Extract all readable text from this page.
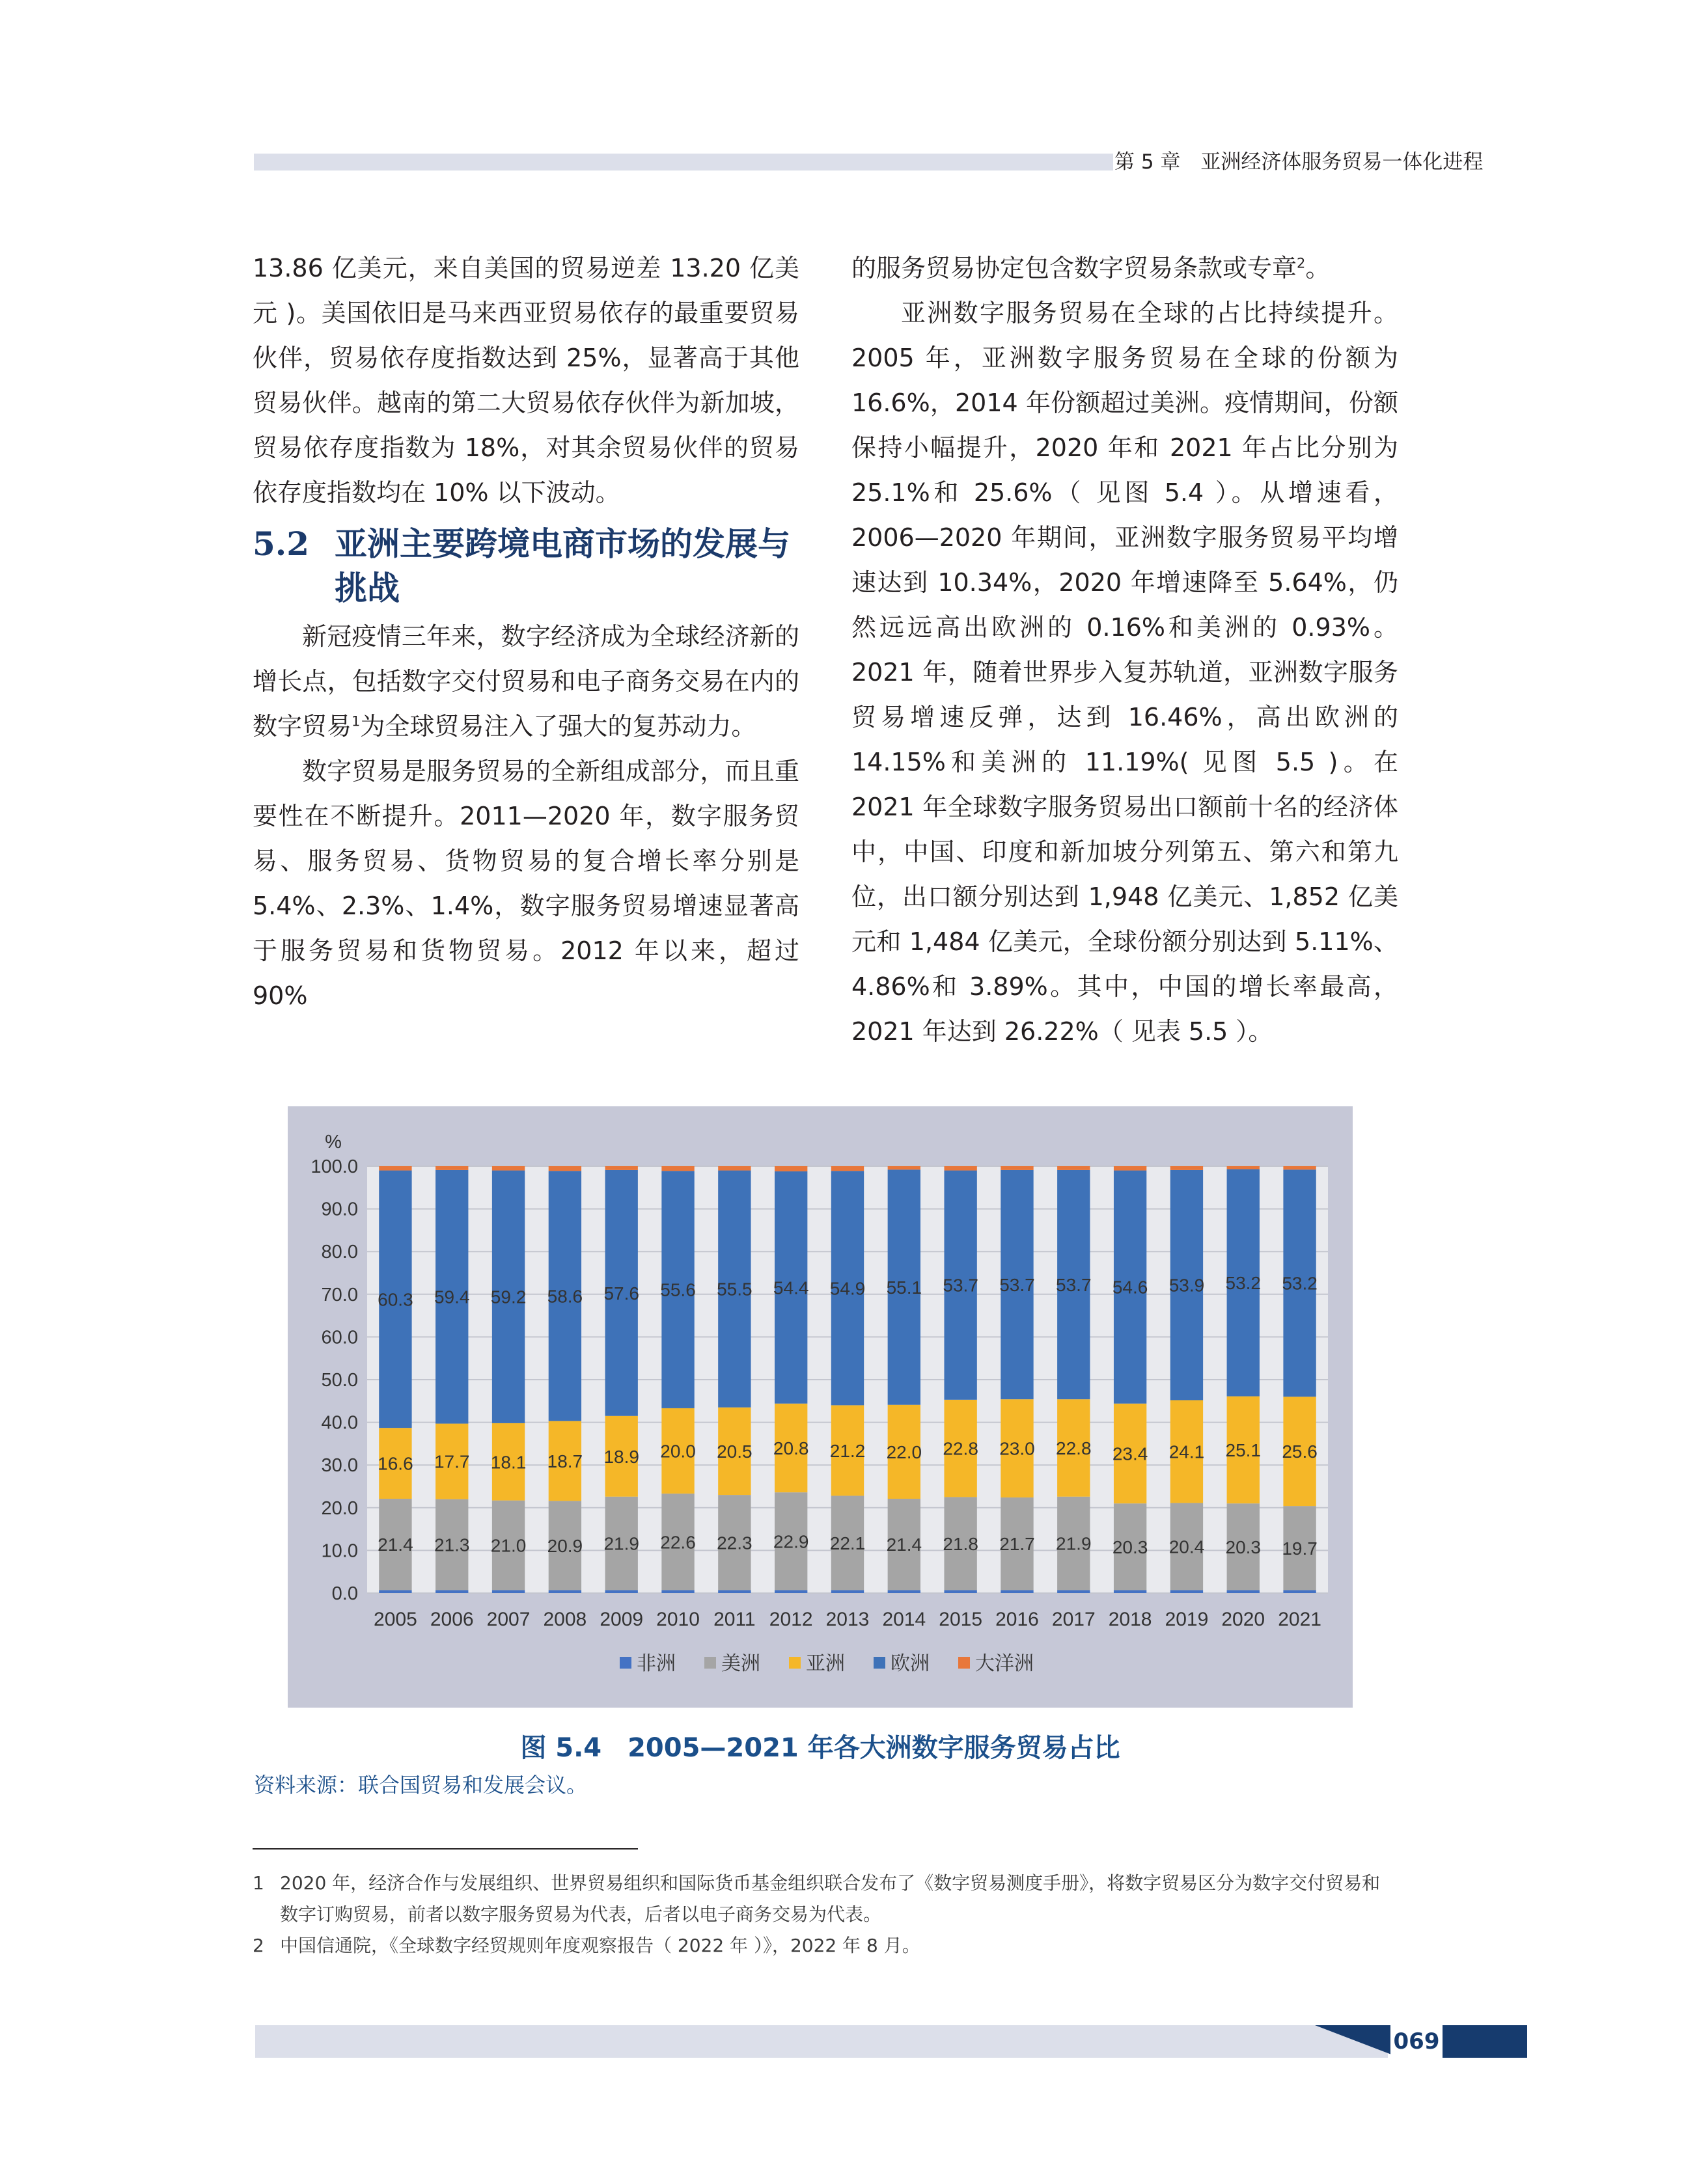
第 5 章　亚洲经济体服务贸易一体化进程

13.86 亿美元，来自美国的贸易逆差 13.20 亿美元 )。美国依旧是马来西亚贸易依存的最重要贸易伙伴，贸易依存度指数达到 25%，显著高于其他贸易伙伴。越南的第二大贸易依存伙伴为新加坡，贸易依存度指数为 18%，对其余贸易伙伴的贸易依存度指数均在 10% 以下波动。

5.2 亚洲主要跨境电商市场的发展与挑战

新冠疫情三年来，数字经济成为全球经济新的增长点，包括数字交付贸易和电子商务交易在内的数字贸易$^1$为全球贸易注入了强大的复苏动力。

数字贸易是服务贸易的全新组成部分，而且重要性在不断提升。2011—2020 年，数字服务贸易、服务贸易、货物贸易的复合增长率分别是 5.4%、2.3%、1.4%，数字服务贸易增速显著高于服务贸易和货物贸易。2012 年以来，超过 90%

的服务贸易协定包含数字贸易条款或专章$^2$。

亚洲数字服务贸易在全球的占比持续提升。2005 年，亚洲数字服务贸易在全球的份额为 16.6%，2014 年份额超过美洲。疫情期间，份额保持小幅提升，2020 年和 2021 年占比分别为 25.1%和 25.6%（ 见图 5.4 ）。从增速看，2006—2020 年期间，亚洲数字服务贸易平均增速达到 10.34%，2020 年增速降至 5.64%，仍然远远高出欧洲的 0.16%和美洲的 0.93%。2021 年，随着世界步入复苏轨道，亚洲数字服务贸易增速反弹，达到 16.46%，高出欧洲的 14.15%和美洲的 11.19%( 见图 5.5 )。在 2021 年全球数字服务贸易出口额前十名的经济体中，中国、印度和新加坡分列第五、第六和第九位，出口额分别达到 1,948 亿美元、1,852 亿美元和 1,484 亿美元，全球份额分别达到 5.11%、4.86%和 3.89%。其中，中国的增长率最高，2021 年达到 26.22%（ 见表 5.5 ）。

0.0
10.0
20.0
30.0
40.0
50.0
60.0
70.0
80.0
90.0
100.0
%
21.4
16.6
60.3
2005
21.3
17.7
59.4
2006
21.0
18.1
59.2
2007
20.9
18.7
58.6
2008
21.9
18.9
57.6
2009
22.6
20.0
55.6
2010
22.3
20.5
55.5
2011
22.9
20.8
54.4
2012
22.1
21.2
54.9
2013
21.4
22.0
55.1
2014
21.8
22.8
53.7
2015
21.7
23.0
53.7
2016
21.9
22.8
53.7
2017
20.3
23.4
54.6
2018
20.4
24.1
53.9
2019
20.3
25.1
53.2
2020
19.7
25.6
53.2
2021
非洲 美洲 亚洲 欧洲 大洋洲
图 5.4　2005—2021 年各大洲数字服务贸易占比
资料来源：联合国贸易和发展会议。
1 2020 年，经济合作与发展组织、世界贸易组织和国际货币基金组织联合发布了《数字贸易测度手册》，将数字贸易区分为数字交付贸易和数字订购贸易，前者以数字服务贸易为代表，后者以电子商务交易为代表。
2 中国信通院，《全球数字经贸规则年度观察报告（ 2022 年 ）》，2022 年 8 月。
069
